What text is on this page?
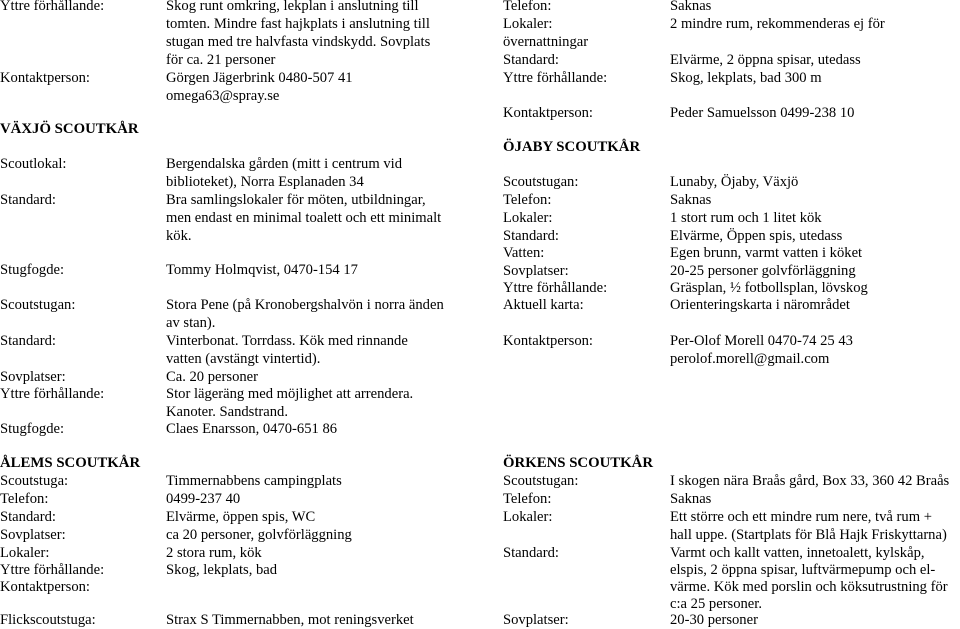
Yttre förhållande:	Skog runt omkring, lekplan i anslutning till
tomten. Mindre fast hajkplats i anslutning till
stugan med tre halvfasta vindskydd. Sovplats
för ca. 21 personer
Kontaktperson:	Görgen Jägerbrink 0480-507 41
omega63@spray.se
VÄXJÖ SCOUTKÅR
Scoutlokal:	Bergendalska gården (mitt i centrum vid
biblioteket), Norra Esplanaden 34
Standard:	Bra samlingslokaler för möten, utbildningar,
men endast en minimal toalett och ett minimalt
kök.
Stugfogde:	Tommy Holmqvist, 0470-154 17
Scoutstugan:	Stora Pene (på Kronobergshalvön i norra änden
av stan).
Standard:	Vinterbonat. Torrdass. Kök med rinnande
vatten (avstängt vintertid).
Sovplatser:	Ca. 20 personer
Yttre förhållande:	Stor lägeräng med möjlighet att arrendera.
Kanoter. Sandstrand.
Stugfogde:	Claes Enarsson, 0470-651 86
ÅLEMS SCOUTKÅR
Scoutstuga:	Timmernabbens campingplats
Telefon:	0499-237 40
Standard:	Elvärme, öppen spis, WC
Sovplatser:	ca 20 personer, golvförläggning
Lokaler:	2 stora rum, kök
Yttre förhållande:	Skog, lekplats, bad
Kontaktperson:
Flickscoutstuga:	Strax S Timmernabben, mot reningsverket
Telefon:	Saknas
Lokaler:	2 mindre rum, rekommenderas ej för
övernattningar
Standard:	Elvärme, 2 öppna spisar, utedass
Yttre förhållande:	Skog, lekplats, bad 300 m
Kontaktperson:	Peder Samuelsson 0499-238 10
ÖJABY SCOUTKÅR
Scoutstugan:	Lunaby, Öjaby, Växjö
Telefon:	Saknas
Lokaler:	1 stort rum och 1 litet kök
Standard:	Elvärme, Öppen spis, utedass
Vatten:	Egen brunn, varmt vatten i köket
Sovplatser:	20-25 personer golvförläggning
Yttre förhållande:	Gräsplan, ½ fotbollsplan, lövskog
Aktuell karta:	Orienteringskarta i närområdet
Kontaktperson:	Per-Olof Morell 0470-74 25 43
perolof.morell@gmail.com
ÖRKENS SCOUTKÅR
Scoutstugan:	I skogen nära Braås gård, Box 33, 360 42 Braås
Telefon:	Saknas
Lokaler:	Ett större och ett mindre rum nere, två rum +
hall uppe. (Startplats för Blå Hajk Friskyttarna)
Standard:	Varmt och kallt vatten, innetoalett, kylskåp,
elspis, 2 öppna spisar, luftvärmepump och el-
värme. Kök med porslin och köksutrustning för
c:a 25 personer.
Sovplatser:	20-30 personer
